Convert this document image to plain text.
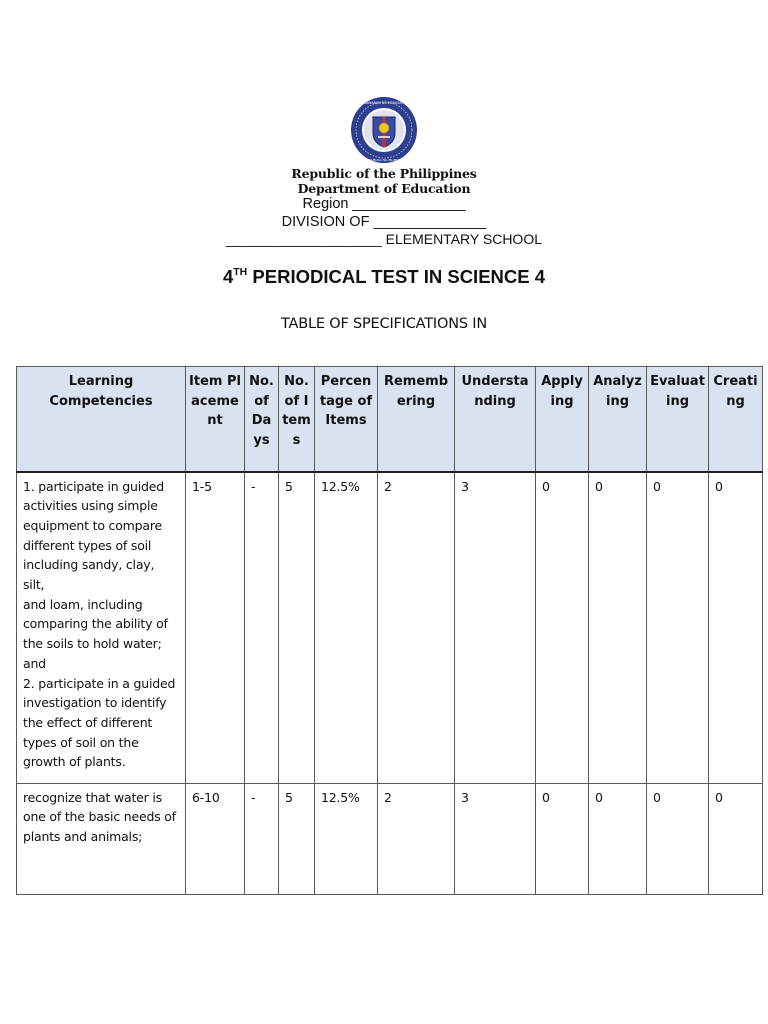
REPUBLIKA NG PILIPINAS
KAGAWARAN NG EDUKASYON
Republic of the Philippines
Department of Education
Region ______________
DIVISION OF ______________
____________________ ELEMENTARY SCHOOL
4TH PERIODICAL TEST IN SCIENCE 4
TABLE OF SPECIFICATIONS IN
Learning Competencies	Item Placement	No. of Days	No. of Items	Percentage of Items	Remembering	Understanding	Applying	Analyzing	Evaluating	Creating
1. participate in guided activities using simple equipment to compare different types of soil including sandy, clay,
silt,
and loam, including comparing the ability of the soils to hold water;
and
2. participate in a guided investigation to identify the effect of different types of soil on the growth of plants.	1-5	-	5	12.5%	2	3	0	0	0	0
recognize that water is one of the basic needs of plants and animals;	6-10	-	5	12.5%	2	3	0	0	0	0
